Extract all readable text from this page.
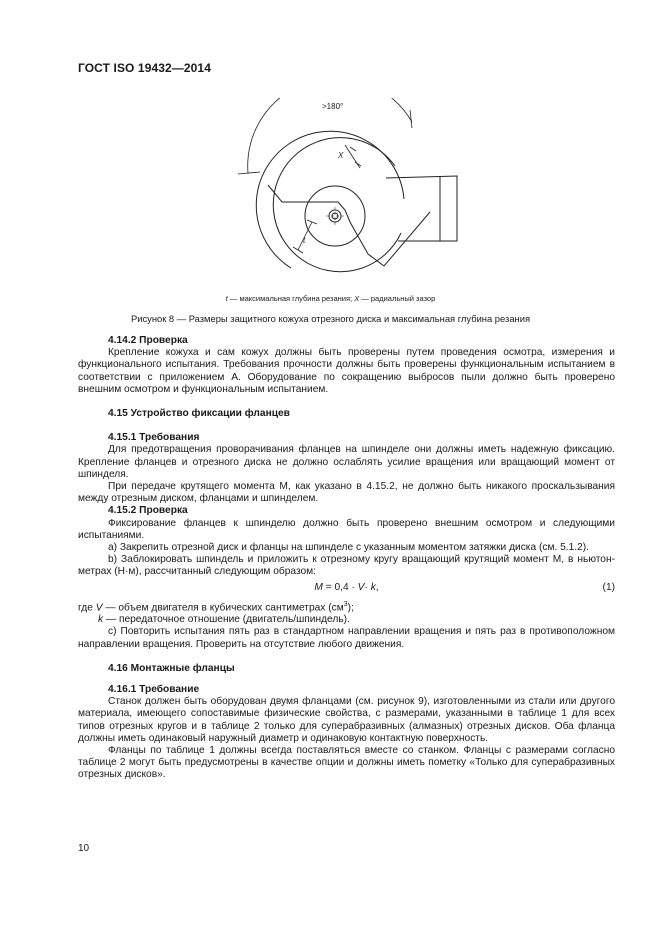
ГОСТ ISO 19432—2014
>180°
X
t
t — максимальная глубина резания; X — радиальный зазор
Рисунок 8 — Размеры защитного кожуха отрезного диска и максимальная глубина резания

4.14.2 Проверка

Крепление кожуха и сам кожух должны быть проверены путем проведения осмотра, измерения и функционального испытания. Требования прочности должны быть проверены функциональным испытанием в соответствии с приложением А. Оборудование по сокращению выбросов пыли должно быть проверено внешним осмотром и функциональным испытанием.

4.15 Устройство фиксации фланцев

4.15.1 Требования

Для предотвращения проворачивания фланцев на шпинделе они должны иметь надежную фиксацию. Крепление фланцев и отрезного диска не должно ослаблять усилие вращения или вращающий момент от шпинделя.

При передаче крутящего момента М, как указано в 4.15.2, не должно быть никакого проскальзывания между отрезным диском, фланцами и шпинделем.

4.15.2 Проверка

Фиксирование фланцев к шпинделю должно быть проверено внешним осмотром и следующими испытаниями.

a) Закрепить отрезной диск и фланцы на шпинделе с указанным моментом затяжки диска (см. 5.1.2).

b) Заблокировать шпиндель и приложить к отрезному кругу вращающий крутящий момент М, в ньютон-метрах (Н·м), рассчитанный следующим образом:

M = 0,4 · V· k,	(1)

где V — объем двигателя в кубических сантиметрах $(см^3)$;

k — передаточное отношение (двигатель/шпиндель).

с) Повторить испытания пять раз в стандартном направлении вращения и пять раз в противоположном направлении вращения. Проверить на отсутствие любого движения.

4.16 Монтажные фланцы

4.16.1 Требование

Станок должен быть оборудован двумя фланцами (см. рисунок 9), изготовленными из стали или другого материала, имеющего сопоставимые физические свойства, с размерами, указанными в таблице 1 для всех типов отрезных кругов и в таблице 2 только для суперабразивных (алмазных) отрезных дисков. Оба фланца должны иметь одинаковый наружный диаметр и одинаковую контактную поверхность.

Фланцы по таблице 1 должны всегда поставляться вместе со станком. Фланцы с размерами согласно таблице 2 могут быть предусмотрены в качестве опции и должны иметь пометку «Только для суперабразивных отрезных дисков».

10
